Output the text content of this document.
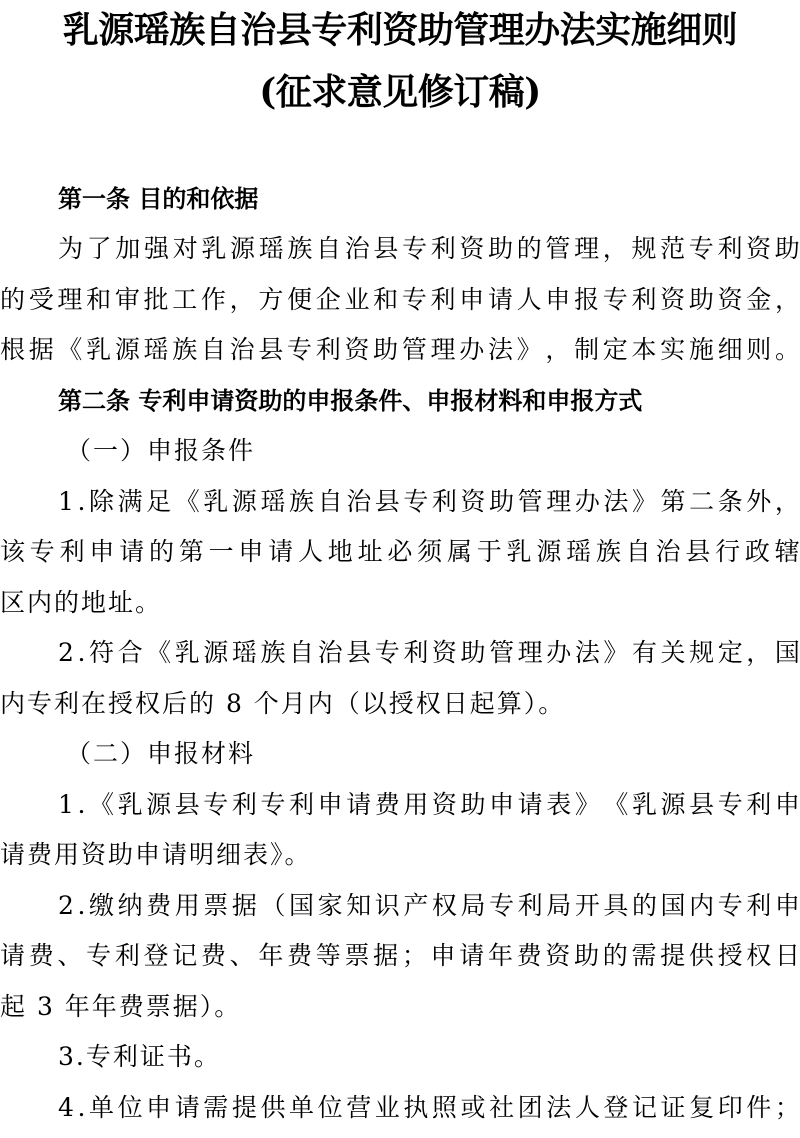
乳源瑶族自治县专利资助管理办法实施细则
(征求意见修订稿)
第一条 目的和依据
为 了 加 强 对 乳 源 瑶 族 自 治 县 专 利 资 助 的 管 理 ， 规 范 专 利 资 助
的 受 理 和 审 批 工 作 ， 方 便 企 业 和 专 利 申 请 人 申 报 专 利 资 助 资 金 ，
根 据 《 乳 源 瑶 族 自 治 县 专 利 资 助 管 理 办 法 》 ， 制 定 本 实 施 细 则 。
第二条 专利申请资助的申报条件、申报材料和申报方式
（一）申报条件
1 . 除 满 足 《 乳 源 瑶 族 自 治 县 专 利 资 助 管 理 办 法 》 第 二 条 外 ，
该 专 利 申 请 的 第 一 申 请 人 地 址 必 须 属 于 乳 源 瑶 族 自 治 县 行 政 辖
区内的地址。
2 . 符 合 《 乳 源 瑶 族 自 治 县 专 利 资 助 管 理 办 法 》 有 关 规 定 ， 国
内专利在授权后的 8 个月内（以授权日起算）。
（二）申报材料
1 . 《 乳 源 县 专 利 专 利 申 请 费 用 资 助 申 请 表 》 《 乳 源 县 专 利 申
请费用资助申请明细表》。
2 . 缴 纳 费 用 票 据 （ 国 家 知 识 产 权 局 专 利 局 开 具 的 国 内 专 利 申
请 费 、 专 利 登 记 费 、 年 费 等 票 据 ； 申 请 年 费 资 助 的 需 提 供 授 权 日
起 3 年年费票据）。
3.专利证书。
4 . 单 位 申 请 需 提 供 单 位 营 业 执 照 或 社 团 法 人 登 记 证 复 印 件 ；
